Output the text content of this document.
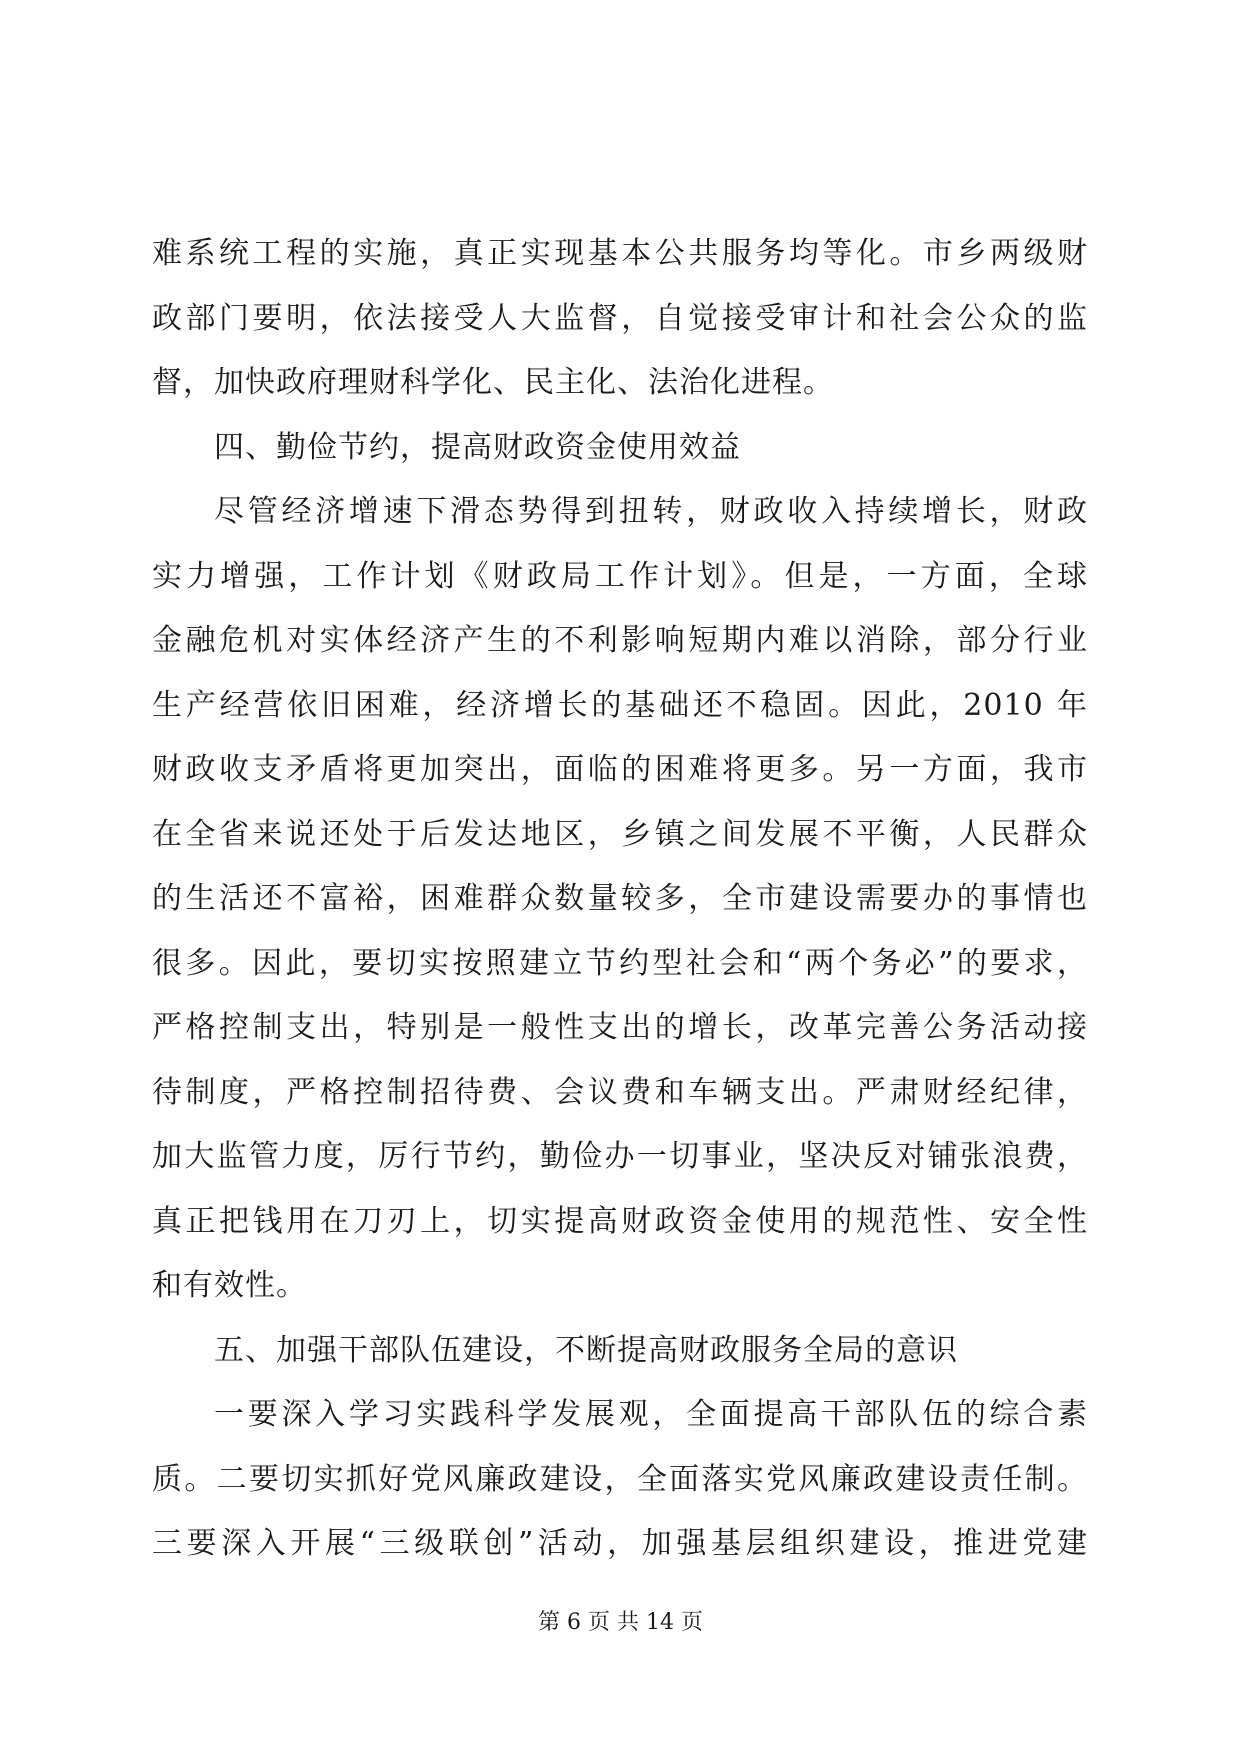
难系统工程的实施，真正实现基本公共服务均等化。市乡两级财
政部门要明，依法接受人大监督，自觉接受审计和社会公众的监
督，加快政府理财科学化、民主化、法治化进程。
四、勤俭节约，提高财政资金使用效益
尽管经济增速下滑态势得到扭转，财政收入持续增长，财政
实力增强，工作计划《财政局工作计划》。但是，一方面，全球
金融危机对实体经济产生的不利影响短期内难以消除，部分行业
生产经营依旧困难，经济增长的基础还不稳固。因此，2010 年
财政收支矛盾将更加突出，面临的困难将更多。另一方面，我市
在全省来说还处于后发达地区，乡镇之间发展不平衡，人民群众
的生活还不富裕，困难群众数量较多，全市建设需要办的事情也
很多。因此，要切实按照建立节约型社会和“两个务必”的要求，
严格控制支出，特别是一般性支出的增长，改革完善公务活动接
待制度，严格控制招待费、会议费和车辆支出。严肃财经纪律，
加大监管力度，厉行节约，勤俭办一切事业，坚决反对铺张浪费，
真正把钱用在刀刃上，切实提高财政资金使用的规范性、安全性
和有效性。
五、加强干部队伍建设，不断提高财政服务全局的意识
一要深入学习实践科学发展观，全面提高干部队伍的综合素
质。二要切实抓好党风廉政建设，全面落实党风廉政建设责任制。
三要深入开展“三级联创”活动，加强基层组织建设，推进党建
第 6 页 共 14 页
